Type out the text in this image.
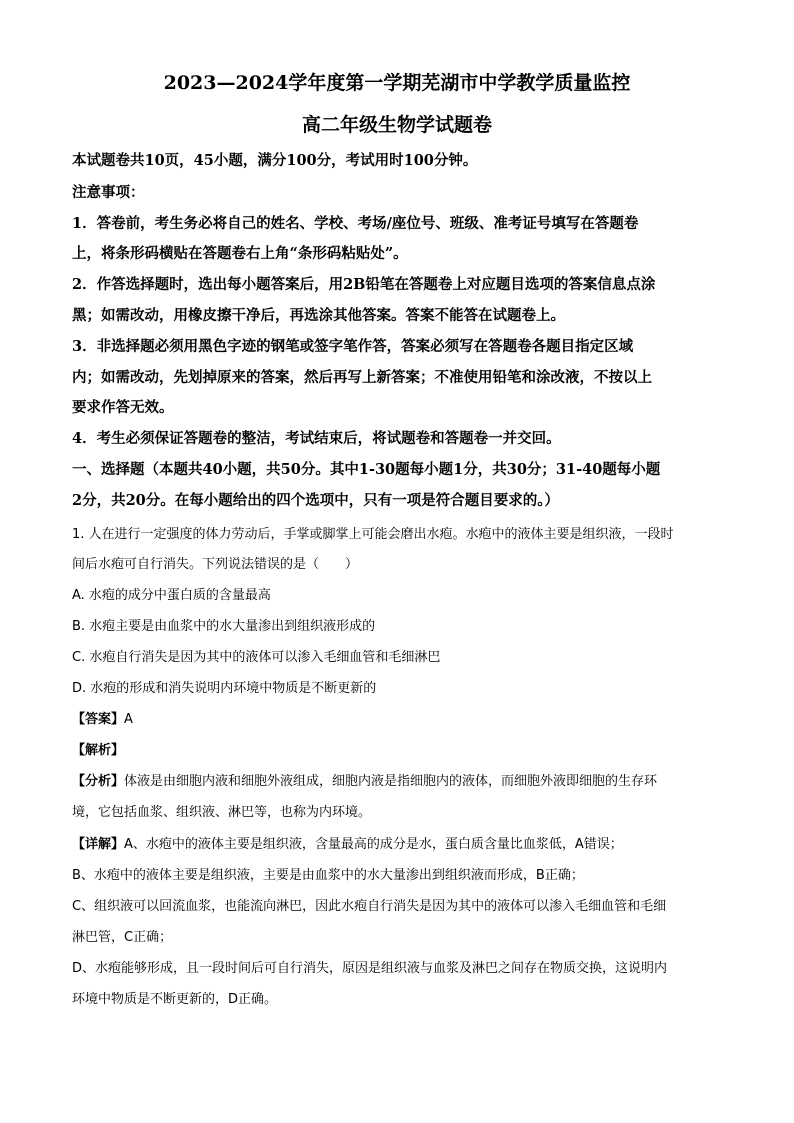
2023—2024学年度第一学期芜湖市中学教学质量监控
高二年级生物学试题卷
本试题卷共10页，45小题，满分100分，考试用时100分钟。
注意事项：
1．答卷前，考生务必将自己的姓名、学校、考场/座位号、班级、准考证号填写在答题卷
上，将条形码横贴在答题卷右上角“条形码粘贴处”。
2．作答选择题时，选出每小题答案后，用2B铅笔在答题卷上对应题目选项的答案信息点涂
黑；如需改动，用橡皮擦干净后，再选涂其他答案。答案不能答在试题卷上。
3．非选择题必须用黑色字迹的钢笔或签字笔作答，答案必须写在答题卷各题目指定区域
内；如需改动，先划掉原来的答案，然后再写上新答案；不准使用铅笔和涂改液，不按以上
要求作答无效。
4．考生必须保证答题卷的整洁，考试结束后，将试题卷和答题卷一并交回。
一、选择题（本题共40小题，共50分。其中1-30题每小题1分，共30分；31-40题每小题
2分，共20分。在每小题给出的四个选项中，只有一项是符合题目要求的。）
1. 人在进行一定强度的体力劳动后，手掌或脚掌上可能会磨出水疱。水疱中的液体主要是组织液，一段时
间后水疱可自行消失。下列说法错误的是（　　）
A. 水疱的成分中蛋白质的含量最高
B. 水疱主要是由血浆中的水大量渗出到组织液形成的
C. 水疱自行消失是因为其中的液体可以渗入毛细血管和毛细淋巴
D. 水疱的形成和消失说明内环境中物质是不断更新的
【答案】A
【解析】
【分析】体液是由细胞内液和细胞外液组成，细胞内液是指细胞内的液体，而细胞外液即细胞的生存环
境，它包括血浆、组织液、淋巴等，也称为内环境。
【详解】A、水疱中的液体主要是组织液，含量最高的成分是水，蛋白质含量比血浆低，A错误；
B、水疱中的液体主要是组织液，主要是由血浆中的水大量渗出到组织液而形成，B正确；
C、组织液可以回流血浆，也能流向淋巴，因此水疱自行消失是因为其中的液体可以渗入毛细血管和毛细
淋巴管，C正确；
D、水疱能够形成，且一段时间后可自行消失，原因是组织液与血浆及淋巴之间存在物质交换，这说明内
环境中物质是不断更新的，D正确。
